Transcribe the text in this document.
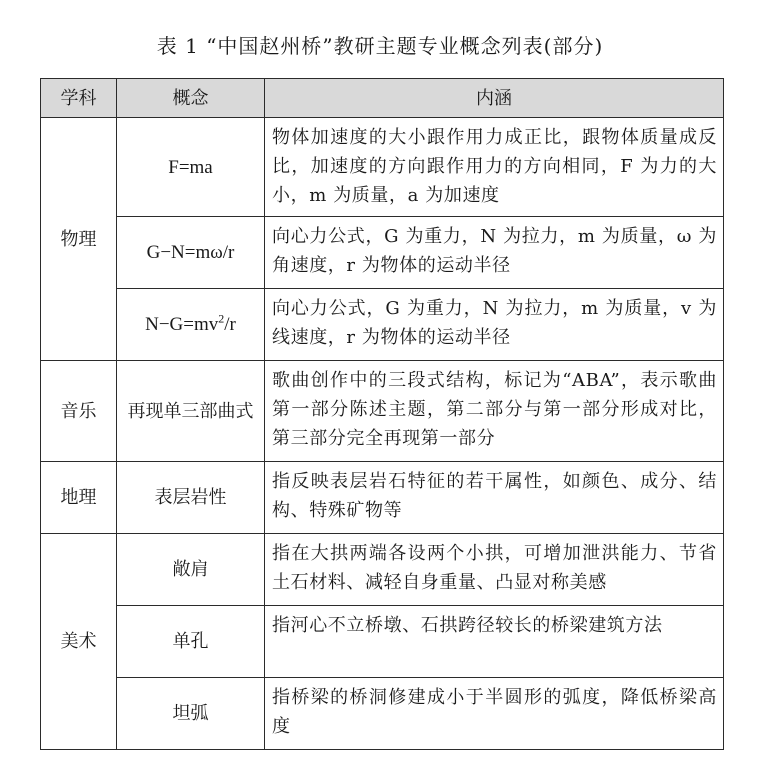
表 1 “中国赵州桥”教研主题专业概念列表(部分)
学科	概念	内涵
物理	F=ma	物体加速度的大小跟作用力成正比，跟物体质量成反比，加速度的方向跟作用力的方向相同，F 为力的大小，m 为质量，a 为加速度
	G−N=mω/r	向心力公式，G 为重力，N 为拉力，m 为质量，ω 为角速度，r 为物体的运动半径
	$N-G=mv^2/r$	向心力公式，G 为重力，N 为拉力，m 为质量，v 为线速度，r 为物体的运动半径
音乐	再现单三部曲式	歌曲创作中的三段式结构，标记为“ABA”，表示歌曲第一部分陈述主题，第二部分与第一部分形成对比，第三部分完全再现第一部分
地理	表层岩性	指反映表层岩石特征的若干属性，如颜色、成分、结构、特殊矿物等
美术	敞肩	指在大拱两端各设两个小拱，可增加泄洪能力、节省土石材料、减轻自身重量、凸显对称美感
	单孔	指河心不立桥墩、石拱跨径较长的桥梁建筑方法
	坦弧	指桥梁的桥洞修建成小于半圆形的弧度，降低桥梁高度
